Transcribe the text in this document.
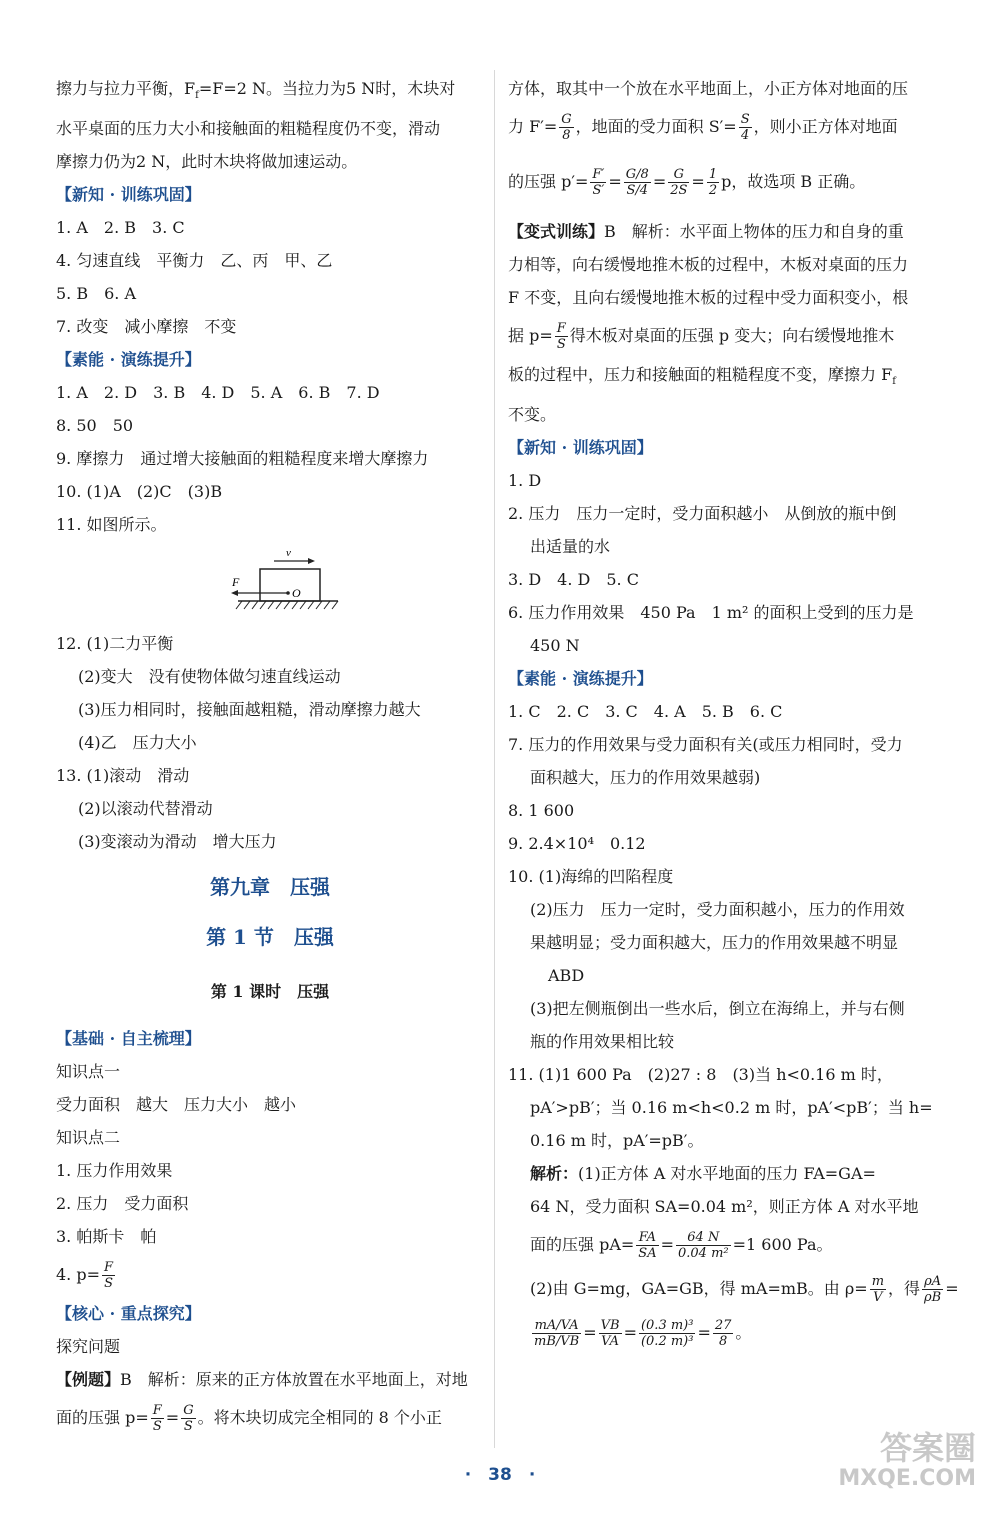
擦力与拉力平衡，$F_f=F=2$ N。当拉力为5 N时，木块对
水平桌面的压力大小和接触面的粗糙程度仍不变，滑动
摩擦力仍为2 N，此时木块将做加速运动。
【新知 · 训练巩固】
1. A　2. B　3. C
4. 匀速直线　平衡力　乙、丙　甲、乙
5. B　6. A
7. 改变　减小摩擦　不变
【素能 · 演练提升】
1. A　2. D　3. B　4. D　5. A　6. B　7. D
8. 50　50
9. 摩擦力　通过增大接触面的粗糙程度来增大摩擦力
10. (1)A　(2)C　(3)B
11. 如图所示。
v
F
O
12. (1)二力平衡
(2)变大　没有使物体做匀速直线运动
(3)压力相同时，接触面越粗糙，滑动摩擦力越大
(4)乙　压力大小
13. (1)滚动　滑动
(2)以滚动代替滑动
(3)变滚动为滑动　增大压力
第九章　压强
第 1 节　压强
第 1 课时　压强
【基础 · 自主梳理】
知识点一
受力面积　越大　压力大小　越小
知识点二
1. 压力作用效果
2. 压力　受力面积
3. 帕斯卡　帕
4. $p= \frac{F}{S}$
【核心 · 重点探究】
探究问题
【例题】B　解析：原来的正方体放置在水平地面上，对地
面的压强 $p= \frac{F}{S} = \frac{G}{S}$ 。将木块切成完全相同的 8 个小正
方体，取其中一个放在水平地面上，小正方体对地面的压
力 $F'= \frac{G}{8}$ ，地面的受力面积 $S'= \frac{S}{4}$ ，则小正方体对地面
的压强 $p'= \frac{F'}{S'} = \frac{G/8}{S/4} = \frac{G}{2S} = \frac{1}{2}$ p，故选项 B 正确。
【变式训练】B　解析：水平面上物体的压力和自身的重
力相等，向右缓慢地推木板的过程中，木板对桌面的压力
F 不变，且向右缓慢地推木板的过程中受力面积变小，根
据 $p= \frac{F}{S}$ 得木板对桌面的压强 p 变大；向右缓慢地推木
板的过程中，压力和接触面的粗糙程度不变，摩擦力 $F_f$
不变。
【新知 · 训练巩固】
1. D
2. 压力　压力一定时，受力面积越小　从倒放的瓶中倒
出适量的水
3. D　4. D　5. C
6. 压力作用效果　450 Pa　1 m² 的面积上受到的压力是
450 N
【素能 · 演练提升】
1. C　2. C　3. C　4. A　5. B　6. C
7. 压力的作用效果与受力面积有关(或压力相同时，受力
面积越大，压力的作用效果越弱)
8. 1 600
9. 2.4×10⁴　0.12
10. (1)海绵的凹陷程度
(2)压力　压力一定时，受力面积越小，压力的作用效
果越明显；受力面积越大，压力的作用效果越不明显
ABD
(3)把左侧瓶倒出一些水后，倒立在海绵上，并与右侧
瓶的作用效果相比较
11. (1)1 600 Pa　(2)27 : 8　(3)当 h<0.16 m 时，
pA′>pB′；当 0.16 m<h<0.2 m 时，pA′<pB′；当 h=
0.16 m 时，pA′=pB′。
解析：(1)正方体 A 对水平地面的压力 FA=GA=
64 N，受力面积 SA=0.04 m²，则正方体 A 对水平地
面的压强 $pA= \frac{FA}{SA} = \frac{64 N}{\text{0.04 m²}} =1$ 600 Pa。
(2)由 G=mg，GA=GB，得 mA=mB。由 $\rho= \frac{m}{V}$ ，得 $\frac{\rho A}{\rho B}$ =
$\frac{mA/VA}{mB/VB} = \frac{VB}{VA} = \frac{\text{(0.3 m)³}}{\text{(0.2 m)³}} = \frac{27}{8}$ 。
·　38　·
答案圈
MXQE.COM
